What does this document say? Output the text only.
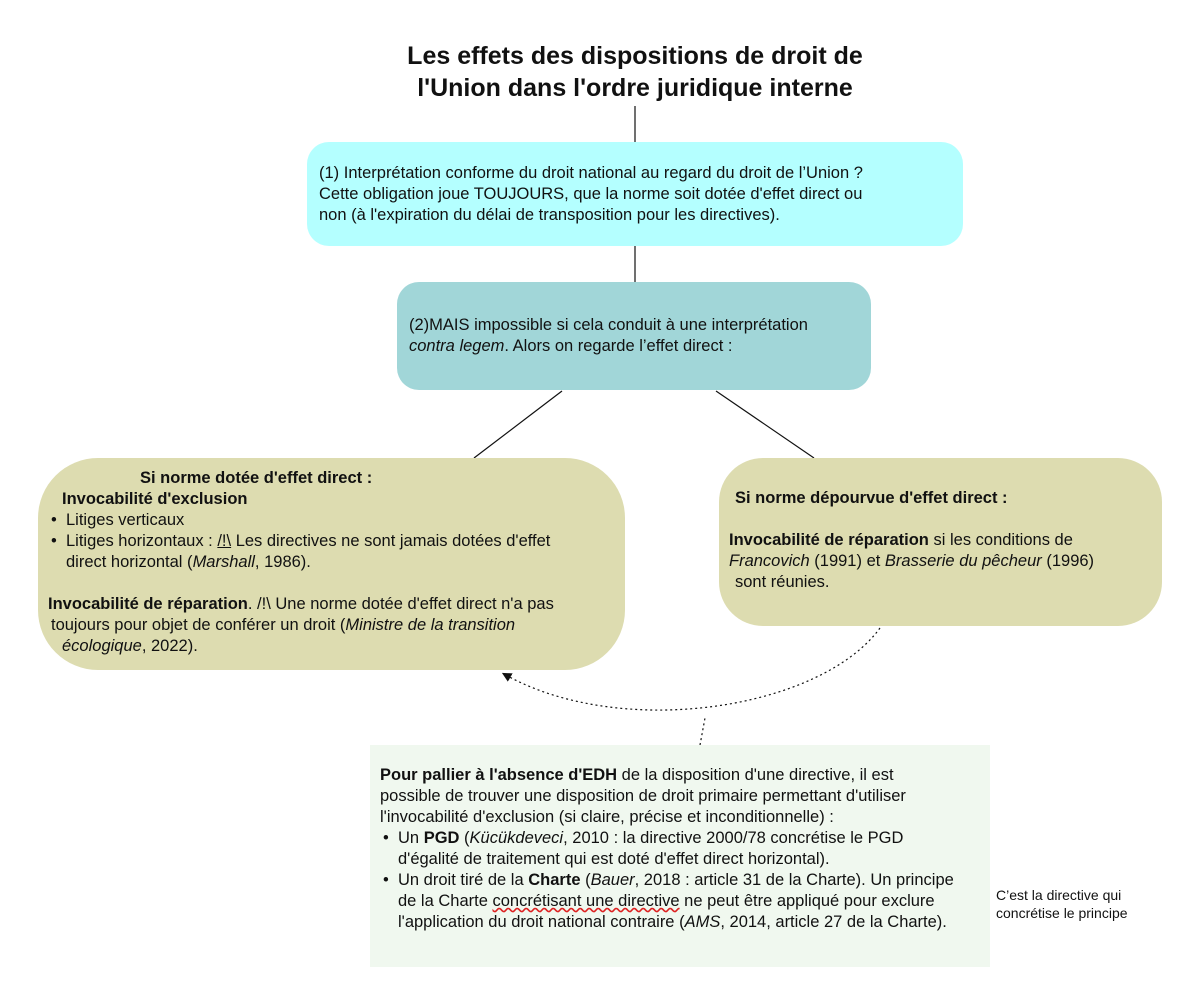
Les effets des dispositions de droit de
l'Union dans l'ordre juridique interne
(1) Interprétation conforme du droit national au regard du droit de l’Union ?
Cette obligation joue TOUJOURS, que la norme soit dotée d'effet direct ou
non (à l'expiration du délai de transposition pour les directives).
(2)MAIS impossible si cela conduit à une interprétation
contra legem. Alors on regarde l’effet direct :
Si norme dotée d'effet direct :
Invocabilité d'exclusion
• Litiges verticaux
• Litiges horizontaux : /!\ Les directives ne sont jamais dotées d'effet
direct horizontal (Marshall, 1986).
Invocabilité de réparation. /!\ Une norme dotée d'effet direct n'a pas
toujours pour objet de conférer un droit (Ministre de la transition
écologique, 2022).
Si norme dépourvue d'effet direct :
Invocabilité de réparation si les conditions de
Francovich (1991) et Brasserie du pêcheur (1996)
sont réunies.
Pour pallier à l'absence d'EDH de la disposition d'une directive, il est
possible de trouver une disposition de droit primaire permettant d'utiliser
l'invocabilité d'exclusion (si claire, précise et inconditionnelle) :
• Un PGD (Kücükdeveci, 2010 : la directive 2000/78 concrétise le PGD
d'égalité de traitement qui est doté d'effet direct horizontal).
• Un droit tiré de la Charte (Bauer, 2018 : article 31 de la Charte). Un principe
de la Charte concrétisant une directive ne peut être appliqué pour exclure
l'application du droit national contraire (AMS, 2014, article 27 de la Charte).
C’est la directive qui
concrétise le principe
